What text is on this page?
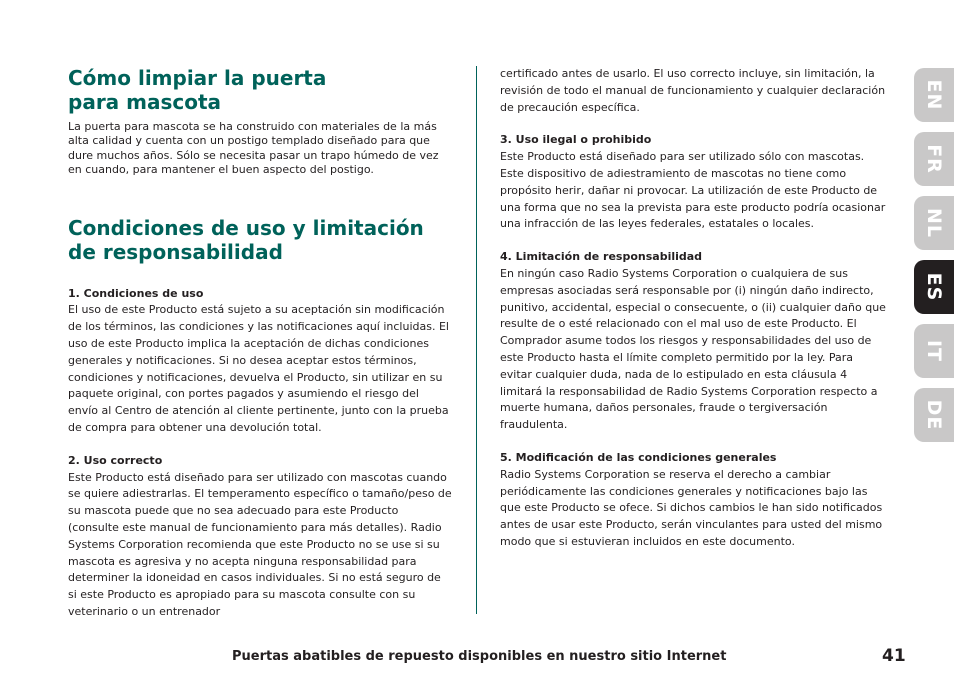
Cómo limpiar la puerta
para mascota

La puerta para mascota se ha construido con materiales de la más alta calidad y cuenta con un postigo templado diseñado para que dure muchos años. Sólo se necesita pasar un trapo húmedo de vez en cuando, para mantener el buen aspecto del postigo.

Condiciones de uso y limitación
de responsabilidad

1. Condiciones de uso

El uso de este Producto está sujeto a su aceptación sin modificación de los términos, las condiciones y las notificaciones aquí incluidas. El uso de este Producto implica la aceptación de dichas condiciones generales y notificaciones. Si no desea aceptar estos términos, condiciones y notificaciones, devuelva el Producto, sin utilizar en su paquete original, con portes pagados y asumiendo el riesgo del envío al Centro de atención al cliente pertinente, junto con la prueba de compra para obtener una devolución total.

2. Uso correcto

Este Producto está diseñado para ser utilizado con mascotas cuando se quiere adiestrarlas. El temperamento específico o tamaño/peso de su mascota puede que no sea adecuado para este Producto (consulte este manual de funcionamiento para más detalles). Radio Systems Corporation recomienda que este Producto no se use si su mascota es agresiva y no acepta ninguna responsabilidad para determiner la idoneidad en casos individuales. Si no está seguro de si este Producto es apropiado para su mascota consulte con su veterinario o un entrenador

certificado antes de usarlo. El uso correcto incluye, sin limitación, la revisión de todo el manual de funcionamiento y cualquier declaración de precaución específica.

3. Uso ilegal o prohibido

Este Producto está diseñado para ser utilizado sólo con mascotas. Este dispositivo de adiestramiento de mascotas no tiene como propósito herir, dañar ni provocar. La utilización de este Producto de una forma que no sea la prevista para este producto podría ocasionar una infracción de las leyes federales, estatales o locales.

4. Limitación de responsabilidad

En ningún caso Radio Systems Corporation o cualquiera de sus empresas asociadas será responsable por (i) ningún daño indirecto, punitivo, accidental, especial o consecuente, o (ii) cualquier daño que resulte de o esté relacionado con el mal uso de este Producto. El Comprador asume todos los riesgos y responsabilidades del uso de este Producto hasta el límite completo permitido por la ley. Para evitar cualquier duda, nada de lo estipulado en esta cláusula 4 limitará la responsabilidad de Radio Systems Corporation respecto a muerte humana, daños personales, fraude o tergiversación fraudulenta.

5. Modificación de las condiciones generales

Radio Systems Corporation se reserva el derecho a cambiar periódicamente las condiciones generales y notificaciones bajo las que este Producto se ofece. Si dichos cambios le han sido notificados antes de usar este Producto, serán vinculantes para usted del mismo modo que si estuvieran incluidos en este documento.

EN
FR
NL
ES
IT
DE
Puertas abatibles de repuesto disponibles en nuestro sitio Internet	41
